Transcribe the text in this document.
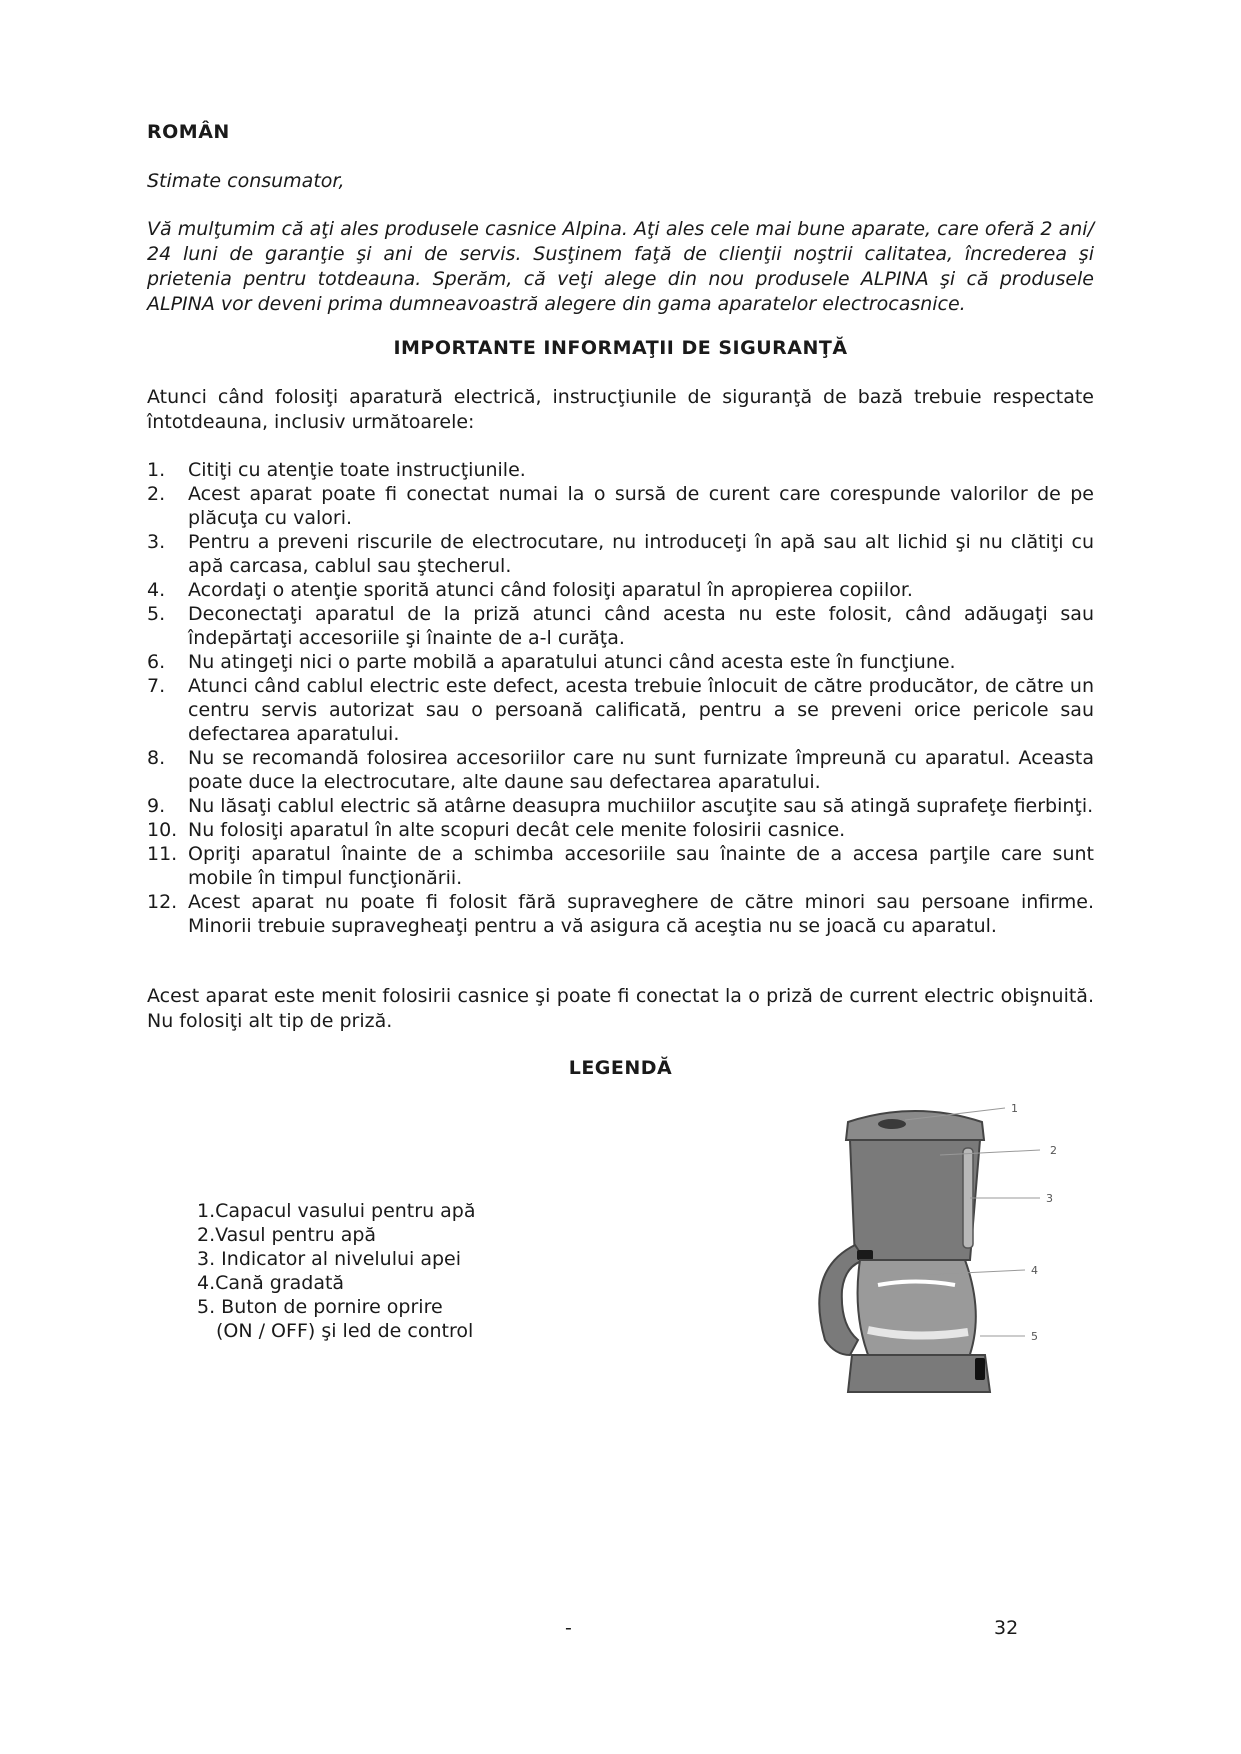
ROMÂN
Stimate consumator,

Vă mulţumim că aţi ales produsele casnice Alpina. Aţi ales cele mai bune aparate, care oferă 2 ani/ 24 luni de garanţie şi ani de servis. Susţinem faţă de clienţii noştrii calitatea, încrederea şi prietenia pentru totdeauna. Sperăm, că veţi alege din nou produsele ALPINA şi că produsele ALPINA vor deveni prima dumneavoastră alegere din gama aparatelor electrocasnice.

IMPORTANTE INFORMAŢII DE SIGURANŢĂ

Atunci când folosiţi aparatură electrică, instrucţiunile de siguranţă de bază trebuie respectate întotdeauna, inclusiv următoarele:

1. Citiţi cu atenţie toate instrucţiunile.
2. Acest aparat poate fi conectat numai la o sursă de curent care corespunde valorilor de pe plăcuţa cu valori.
3. Pentru a preveni riscurile de electrocutare, nu introduceţi în apă sau alt lichid şi nu clătiţi cu apă carcasa, cablul sau ştecherul.
4. Acordaţi o atenţie sporită atunci când folosiţi aparatul în apropierea copiilor.
5. Deconectaţi aparatul de la priză atunci când acesta nu este folosit, când adăugaţi sau îndepărtaţi accesoriile şi înainte de a-l curăţa.
6. Nu atingeţi nici o parte mobilă a aparatului atunci când acesta este în funcţiune.
7. Atunci când cablul electric este defect, acesta trebuie înlocuit de către producător, de către un centru servis autorizat sau o persoană calificată, pentru a se preveni orice pericole sau defectarea aparatului.
8. Nu se recomandă folosirea accesoriilor care nu sunt furnizate împreună cu aparatul. Aceasta poate duce la electrocutare, alte daune sau defectarea aparatului.
9. Nu lăsaţi cablul electric să atârne deasupra muchiilor ascuţite sau să atingă suprafeţe fierbinţi.
10. Nu folosiţi aparatul în alte scopuri decât cele menite folosirii casnice.
11. Opriţi aparatul înainte de a schimba accesoriile sau înainte de a accesa parţile care sunt mobile în timpul funcţionării.
12. Acest aparat nu poate fi folosit fără supraveghere de către minori sau persoane infirme. Minorii trebuie supravegheaţi pentru a vă asigura că aceştia nu se joacă cu aparatul.

Acest aparat este menit folosirii casnice şi poate fi conectat la o priză de current electric obişnuită. Nu folosiţi alt tip de priză.

LEGENDĂ
1.Capacul vasului pentru apă
2.Vasul pentru apă
3. Indicator al nivelului apei
4.Cană gradată
5. Buton de pornire oprire
(ON / OFF) şi led de control
1
2
3
4
5
-	32
